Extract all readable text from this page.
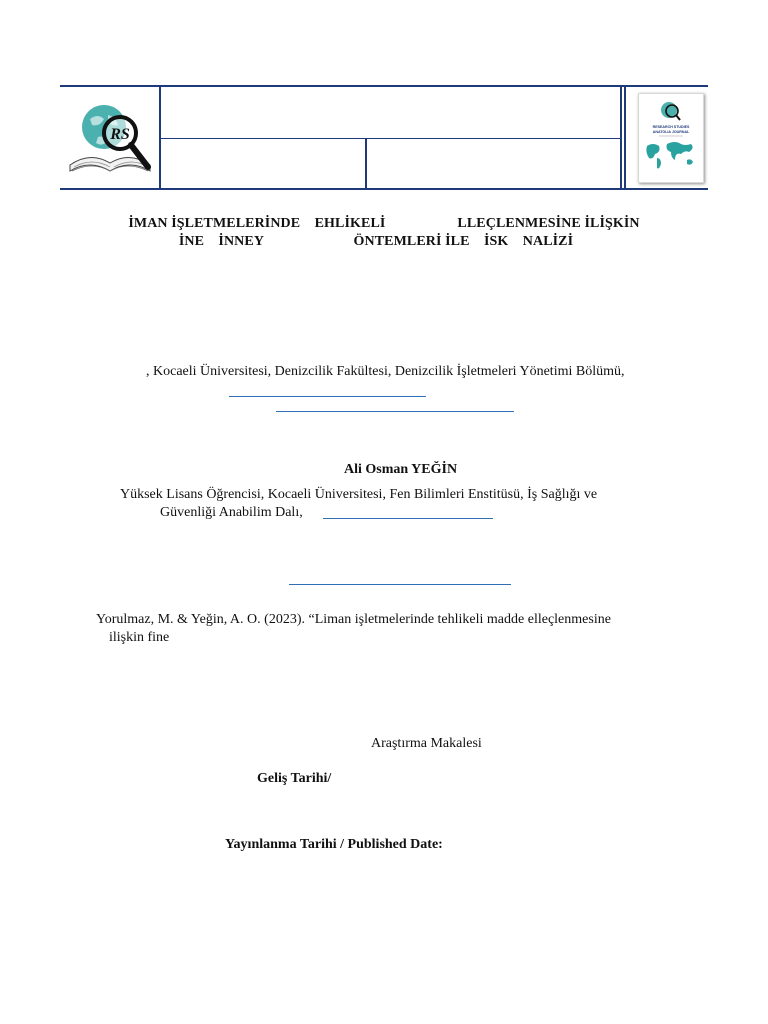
RS	RESEARCH STUDIES
ANATOLIA JOURNAL
İMAN İŞLETMELERİNDE    EHLİKELİ                    LLEÇLENMESİNE İLİŞKİN
İNE    İNNEY                         ÖNTEMLERİ İLE    İSK    NALİZİ
, Kocaeli Üniversitesi, Denizcilik Fakültesi, Denizcilik İşletmeleri Yönetimi Bölümü,
Ali Osman YEĞİN
Yüksek Lisans Öğrencisi, Kocaeli Üniversitesi, Fen Bilimleri Enstitüsü, İş Sağlığı ve
Güvenliği Anabilim Dalı,
Yorulmaz, M. & Yeğin, A. O. (2023). “Liman işletmelerinde tehlikeli madde elleçlenmesine
ilişkin fine
Araştırma Makalesi
Geliş Tarihi/
Yayınlanma Tarihi / Published Date:
